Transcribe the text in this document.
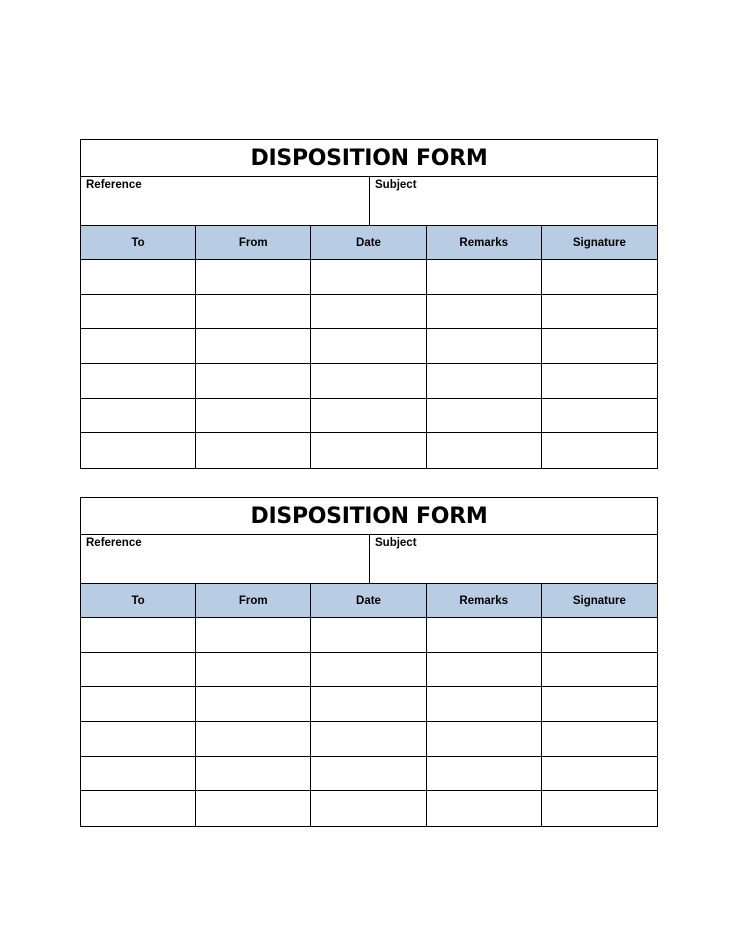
DISPOSITION FORM
Reference	Subject
To	From	Date	Remarks	Signature
DISPOSITION FORM
Reference	Subject
To	From	Date	Remarks	Signature
